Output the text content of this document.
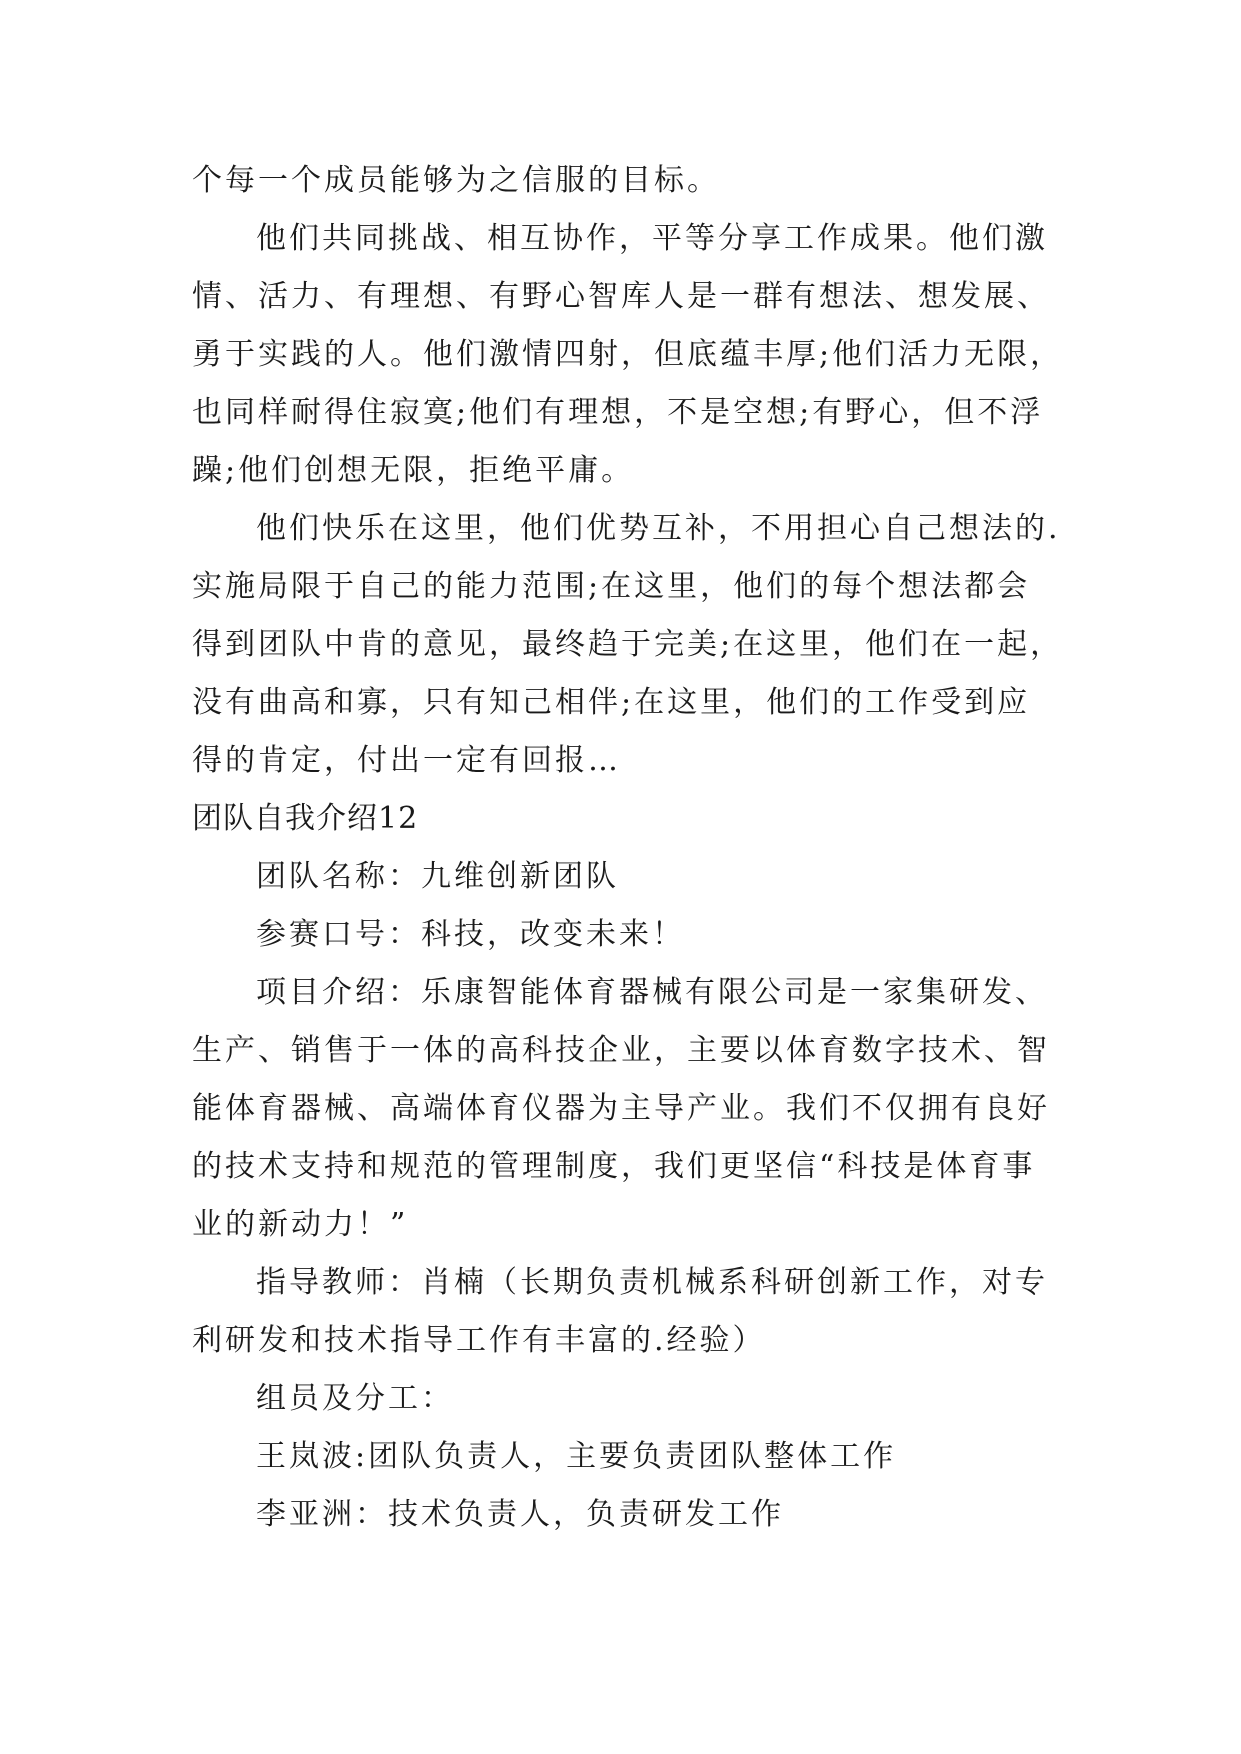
个每一个成员能够为之信服的目标。
他们共同挑战、相互协作，平等分享工作成果。他们激
情、活力、有理想、有野心智库人是一群有想法、想发展、
勇于实践的人。他们激情四射，但底蕴丰厚;他们活力无限，
也同样耐得住寂寞;他们有理想，不是空想;有野心，但不浮
躁;他们创想无限，拒绝平庸。
他们快乐在这里，他们优势互补，不用担心自己想法的.
实施局限于自己的能力范围;在这里，他们的每个想法都会
得到团队中肯的意见，最终趋于完美;在这里，他们在一起，
没有曲高和寡，只有知己相伴;在这里，他们的工作受到应
得的肯定，付出一定有回报…
团队自我介绍12
团队名称：九维创新团队
参赛口号：科技，改变未来！
项目介绍：乐康智能体育器械有限公司是一家集研发、
生产、销售于一体的高科技企业，主要以体育数字技术、智
能体育器械、高端体育仪器为主导产业。我们不仅拥有良好
的技术支持和规范的管理制度，我们更坚信“科技是体育事
业的新动力！”
指导教师：肖楠（长期负责机械系科研创新工作，对专
利研发和技术指导工作有丰富的.经验）
组员及分工：
王岚波:团队负责人，主要负责团队整体工作
李亚洲：技术负责人，负责研发工作
